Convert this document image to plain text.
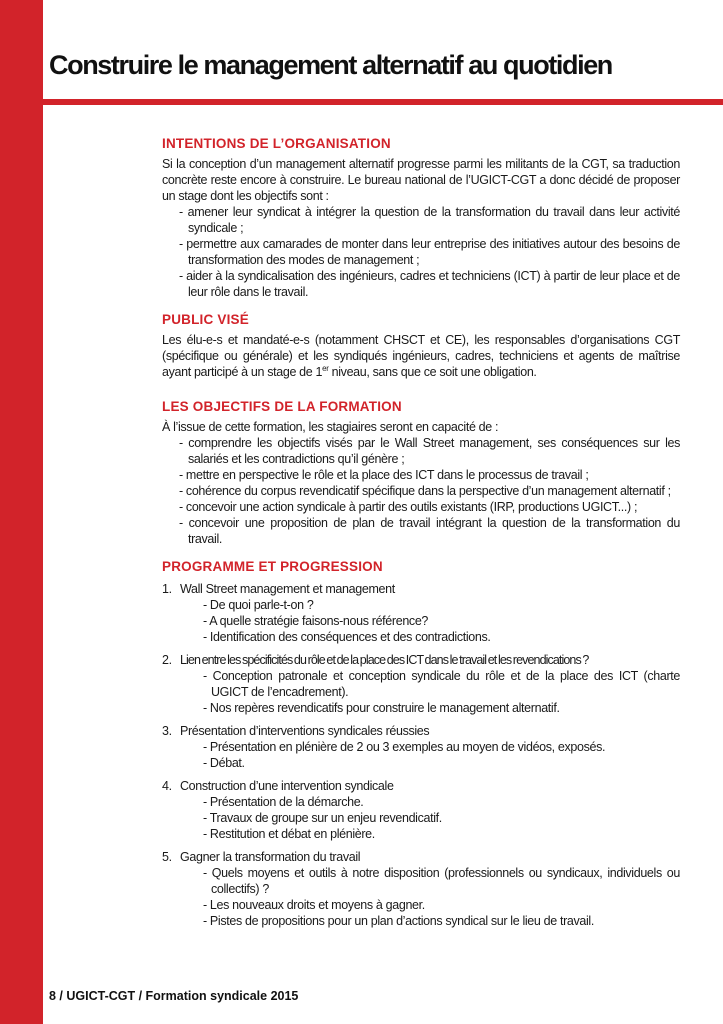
Construire le management alternatif au quotidien
INTENTIONS DE L’ORGANISATION

Si la conception d’un management alternatif progresse parmi les militants de la CGT, sa traduction concrète reste encore à construire. Le bureau national de l’UGICT-CGT a donc décidé de proposer un stage dont les objectifs sont :

- amener leur syndicat à intégrer la question de la transformation du travail dans leur activité syndicale ;
- permettre aux camarades de monter dans leur entreprise des initiatives autour des besoins de transformation des modes de management ;
- aider à la syndicalisation des ingénieurs, cadres et techniciens (ICT) à partir de leur place et de leur rôle dans le travail.
PUBLIC VISÉ

Les élu-e-s et mandaté-e-s (notamment CHSCT et CE), les responsables d’organisations CGT (spécifique ou générale) et les syndiqués ingénieurs, cadres, techniciens et agents de maîtrise ayant participé à un stage de 1er niveau, sans que ce soit une obligation.

LES OBJECTIFS DE LA FORMATION

À l’issue de cette formation, les stagiaires seront en capacité de :

- comprendre les objectifs visés par le Wall Street management, ses conséquences sur les salariés et les contradictions qu’il génère ;
- mettre en perspective le rôle et la place des ICT dans le processus de travail ;
- cohérence du corpus revendicatif spécifique dans la perspective d’un management alternatif ;
- concevoir une action syndicale à partir des outils existants (IRP, productions UGICT...) ;
- concevoir une proposition de plan de travail intégrant la question de la transformation du travail.
PROGRAMME ET PROGRESSION
1. Wall Street management et management
- De quoi parle-t-on ?
- A quelle stratégie faisons-nous référence?
- Identification des conséquences et des contradictions.
2. Lien entre les spécificités du rôle et de la place des ICT dans le travail et les revendications ?
- Conception patronale et conception syndicale du rôle et de la place des ICT (charte UGICT de l’encadrement).
- Nos repères revendicatifs pour construire le management alternatif.
3. Présentation d’interventions syndicales réussies
- Présentation en plénière de 2 ou 3 exemples au moyen de vidéos, exposés.
- Débat.
4. Construction d’une intervention syndicale
- Présentation de la démarche.
- Travaux de groupe sur un enjeu revendicatif.
- Restitution et débat en plénière.
5. Gagner la transformation du travail
- Quels moyens et outils à notre disposition (professionnels ou syndicaux, individuels ou collectifs) ?
- Les nouveaux droits et moyens à gagner.
- Pistes de propositions pour un plan d’actions syndical sur le lieu de travail.
8 / UGICT-CGT / Formation syndicale 2015
